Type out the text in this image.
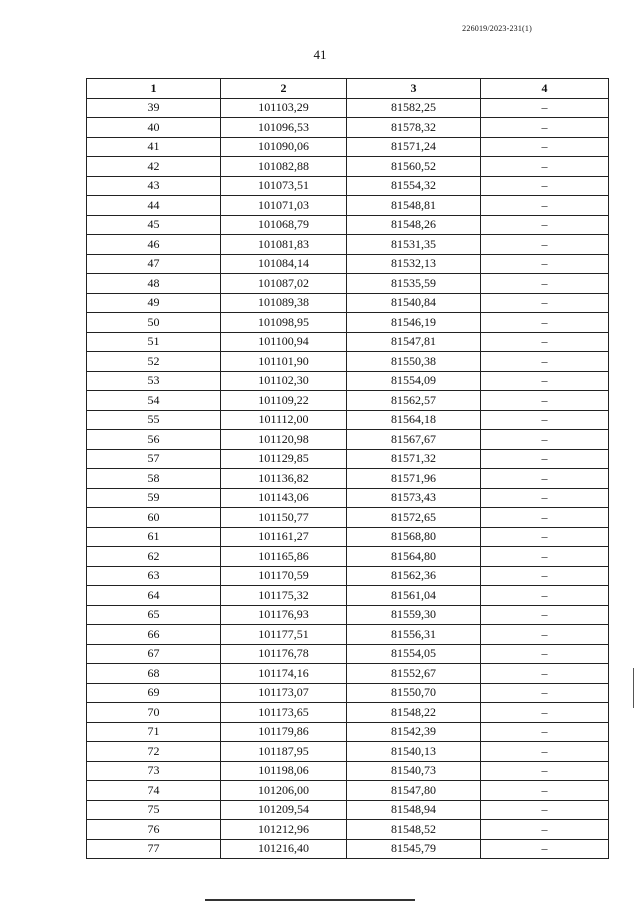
226019/2023-231(1)
41
1	2	3	4
39	101103,29	81582,25	–
40	101096,53	81578,32	–
41	101090,06	81571,24	–
42	101082,88	81560,52	–
43	101073,51	81554,32	–
44	101071,03	81548,81	–
45	101068,79	81548,26	–
46	101081,83	81531,35	–
47	101084,14	81532,13	–
48	101087,02	81535,59	–
49	101089,38	81540,84	–
50	101098,95	81546,19	–
51	101100,94	81547,81	–
52	101101,90	81550,38	–
53	101102,30	81554,09	–
54	101109,22	81562,57	–
55	101112,00	81564,18	–
56	101120,98	81567,67	–
57	101129,85	81571,32	–
58	101136,82	81571,96	–
59	101143,06	81573,43	–
60	101150,77	81572,65	–
61	101161,27	81568,80	–
62	101165,86	81564,80	–
63	101170,59	81562,36	–
64	101175,32	81561,04	–
65	101176,93	81559,30	–
66	101177,51	81556,31	–
67	101176,78	81554,05	–
68	101174,16	81552,67	–
69	101173,07	81550,70	–
70	101173,65	81548,22	–
71	101179,86	81542,39	–
72	101187,95	81540,13	–
73	101198,06	81540,73	–
74	101206,00	81547,80	–
75	101209,54	81548,94	–
76	101212,96	81548,52	–
77	101216,40	81545,79	–
